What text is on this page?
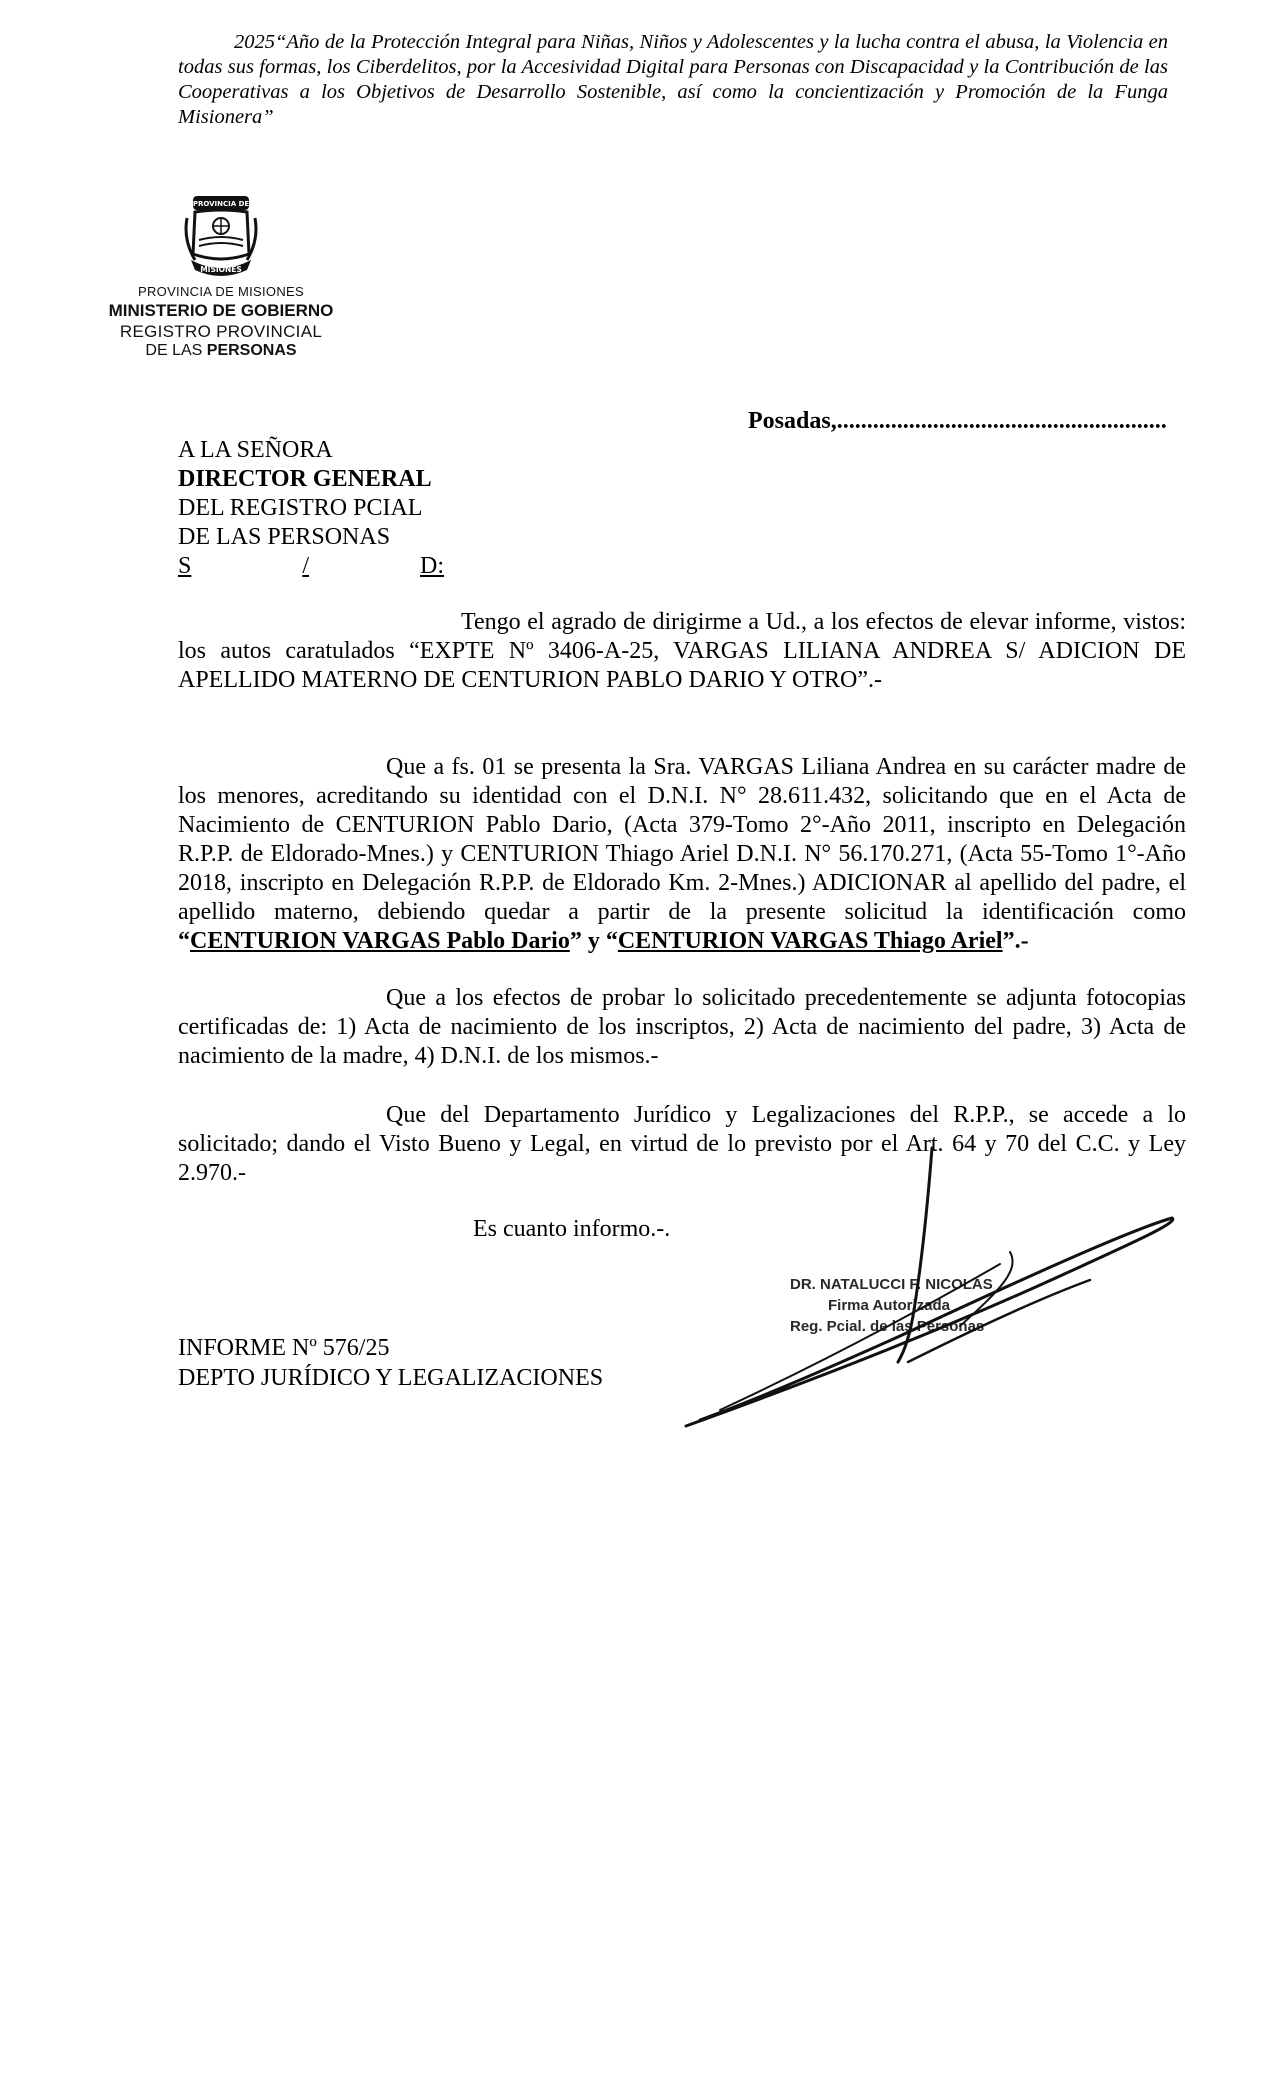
2025“Año de la Protección Integral para Niñas, Niños y Adolescentes y la lucha contra el abusa, la Violencia en todas sus formas, los Ciberdelitos, por la Accesividad Digital para Personas con Discapacidad y la Contribución de las Cooperativas a los Objetivos de Desarrollo Sostenible, así como la concientización y Promoción de la Funga Misionera”
PROVINCIA DE
MISIONES
PROVINCIA DE MISIONES
MINISTERIO DE GOBIERNO
REGISTRO PROVINCIAL
DE LAS PERSONAS
Posadas,.......................................................
A LA SEÑORA
DIRECTOR GENERAL
DEL REGISTRO PCIAL
DE LAS PERSONAS
S	/	D:
Tengo el agrado de dirigirme a Ud., a los efectos de elevar informe, vistos: los autos caratulados “EXPTE Nº 3406-A-25, VARGAS LILIANA ANDREA S/ ADICION DE APELLIDO MATERNO DE CENTURION PABLO DARIO Y OTRO”.-
Que a fs. 01 se presenta la Sra. VARGAS Liliana Andrea en su carácter madre de los menores, acreditando su identidad con el D.N.I. N° 28.611.432, solicitando que en el Acta de Nacimiento de CENTURION Pablo Dario, (Acta 379-Tomo 2°-Año 2011, inscripto en Delegación R.P.P. de Eldorado-Mnes.) y CENTURION Thiago Ariel D.N.I. N° 56.170.271, (Acta 55-Tomo 1°-Año 2018, inscripto en Delegación R.P.P. de Eldorado Km. 2-Mnes.) ADICIONAR al apellido del padre, el apellido materno, debiendo quedar a partir de la presente solicitud la identificación como “CENTURION VARGAS Pablo Dario” y “CENTURION VARGAS Thiago Ariel”.-
Que a los efectos de probar lo solicitado precedentemente se adjunta fotocopias certificadas de: 1) Acta de nacimiento de los inscriptos, 2) Acta de nacimiento del padre, 3) Acta de nacimiento de la madre, 4) D.N.I. de los mismos.-
Que del Departamento Jurídico y Legalizaciones del R.P.P., se accede a lo solicitado; dando el Visto Bueno y Legal, en virtud de lo previsto por el Art. 64 y 70 del C.C. y Ley 2.970.-
Es cuanto informo.-.
INFORME Nº 576/25
DEPTO JURÍDICO Y LEGALIZACIONES
DR. NATALUCCI F. NICOLAS
Firma Autorizada
Reg. Pcial. de las Personas
